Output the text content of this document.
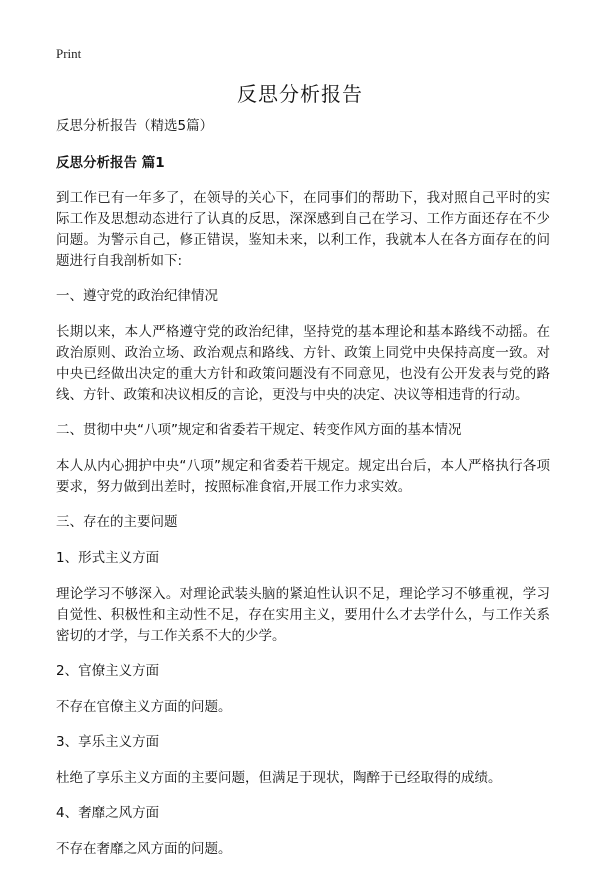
Print
反思分析报告

反思分析报告（精选5篇）

反思分析报告 篇1

到工作已有一年多了，在领导的关心下，在同事们的帮助下，我对照自己平时的实际工作及思想动态进行了认真的反思，深深感到自己在学习、工作方面还存在不少问题。为警示自己，修正错误，鉴知未来，以利工作，我就本人在各方面存在的问题进行自我剖析如下:

一、遵守党的政治纪律情况

长期以来，本人严格遵守党的政治纪律，坚持党的基本理论和基本路线不动摇。在政治原则、政治立场、政治观点和路线、方针、政策上同党中央保持高度一致。对中央已经做出决定的重大方针和政策问题没有不同意见，也没有公开发表与党的路线、方针、政策和决议相反的言论，更没与中央的决定、决议等相违背的行动。

二、贯彻中央“八项”规定和省委若干规定、转变作风方面的基本情况

本人从内心拥护中央“八项”规定和省委若干规定。规定出台后，本人严格执行各项要求，努力做到出差时，按照标准食宿,开展工作力求实效。

三、存在的主要问题

1、形式主义方面

理论学习不够深入。对理论武装头脑的紧迫性认识不足，理论学习不够重视，学习自觉性、积极性和主动性不足，存在实用主义，要用什么才去学什么，与工作关系密切的才学，与工作关系不大的少学。

2、官僚主义方面

不存在官僚主义方面的问题。

3、享乐主义方面

杜绝了享乐主义方面的主要问题，但满足于现状，陶醉于已经取得的成绩。

4、奢靡之风方面

不存在奢靡之风方面的问题。
